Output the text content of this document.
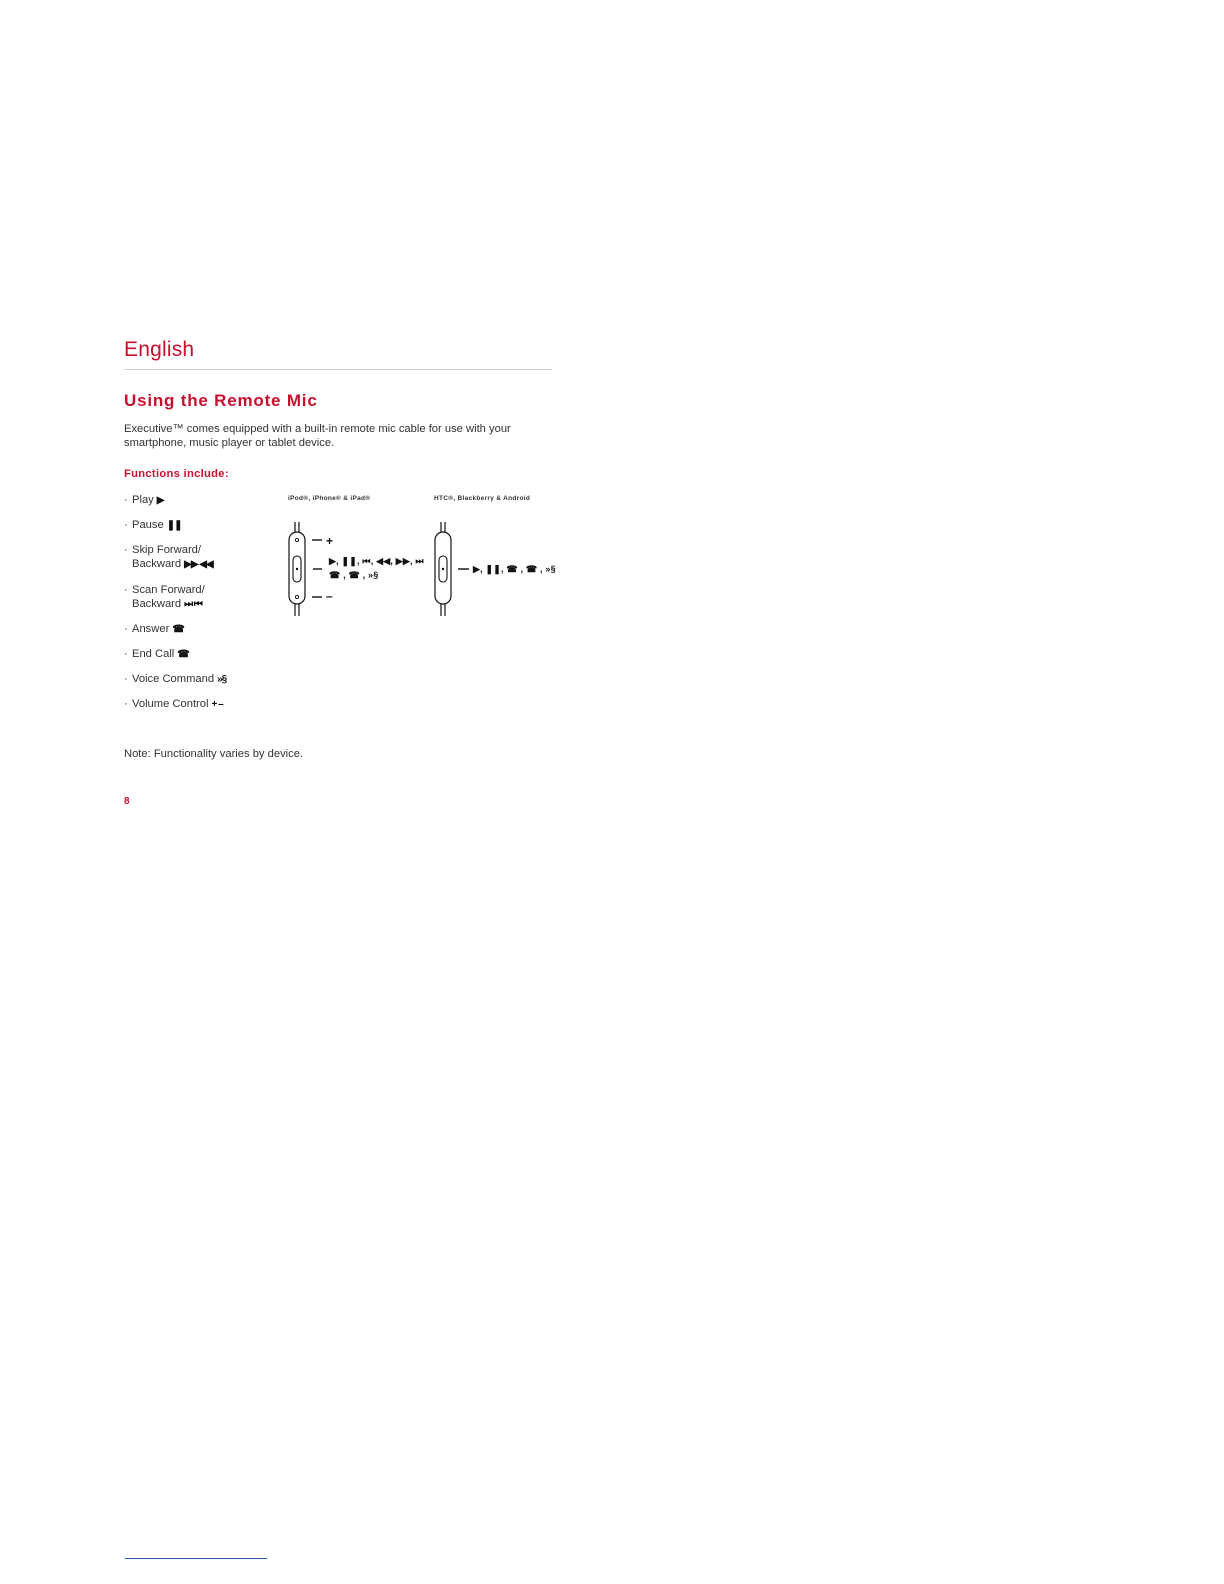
English
Using the Remote Mic

Executive™ comes equipped with a built-in remote mic cable for use with your
smartphone, music player or tablet device.

Functions include:
· Play ▶
· Pause ❚❚
· Skip Forward/
Backward ▶▶ ◀◀
· Scan Forward/
Backward ⏭ ⏮
· Answer ☎
· End Call ☎
· Voice Command »§
· Volume Control + –
iPod®, iPhone® & iPad®
+
▶, ❚❚, ⏮, ◀◀, ▶▶, ⏭
☎ , ☎ , »§
–
HTC®, Blackberry & Android
▶, ❚❚, ☎ , ☎ , »§

Note: Functionality varies by device.

8
